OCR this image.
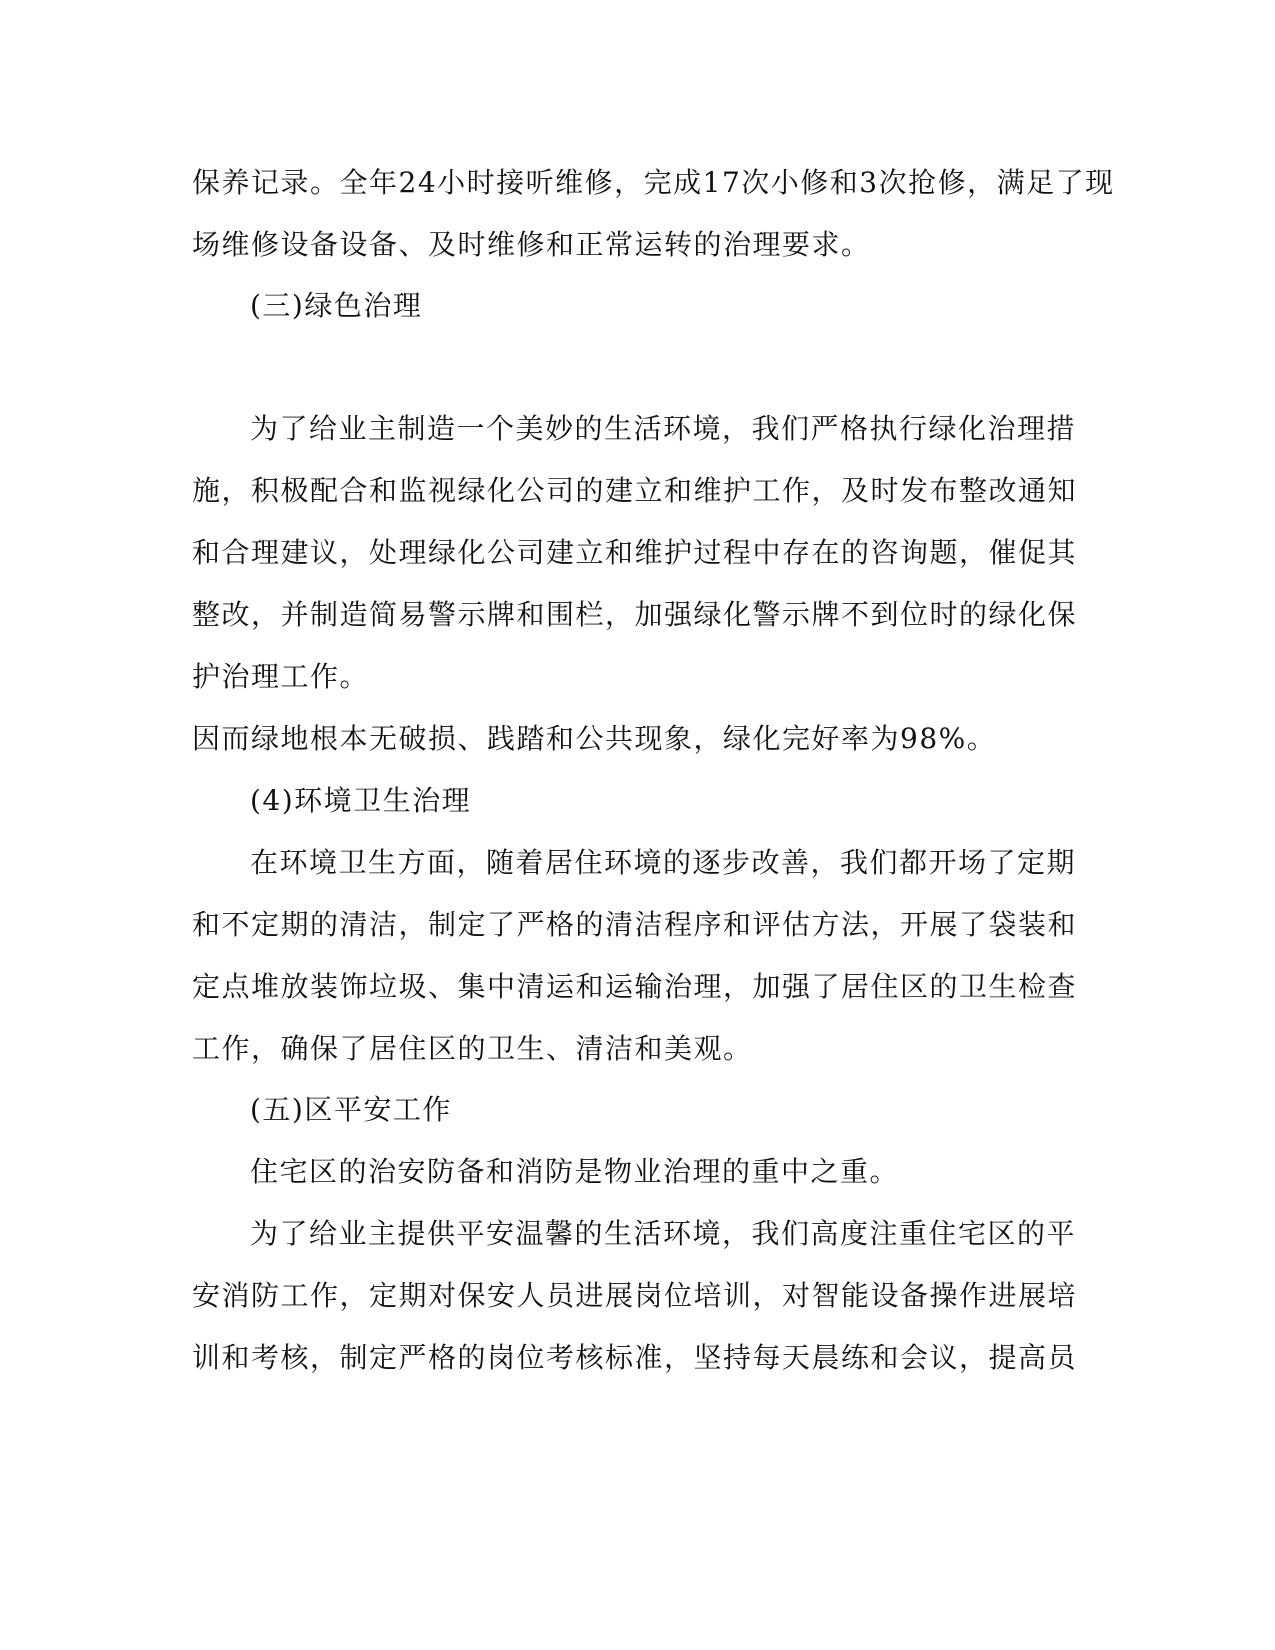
保养记录。全年24小时接听维修，完成17次小修和3次抢修，满足了现
场维修设备设备、及时维修和正常运转的治理要求。
(三)绿色治理
为了给业主制造一个美妙的生活环境，我们严格执行绿化治理措
施，积极配合和监视绿化公司的建立和维护工作，及时发布整改通知
和合理建议，处理绿化公司建立和维护过程中存在的咨询题，催促其
整改，并制造简易警示牌和围栏，加强绿化警示牌不到位时的绿化保
护治理工作。
因而绿地根本无破损、践踏和公共现象，绿化完好率为98%。
(4)环境卫生治理
在环境卫生方面，随着居住环境的逐步改善，我们都开场了定期
和不定期的清洁，制定了严格的清洁程序和评估方法，开展了袋装和
定点堆放装饰垃圾、集中清运和运输治理，加强了居住区的卫生检查
工作，确保了居住区的卫生、清洁和美观。
(五)区平安工作
住宅区的治安防备和消防是物业治理的重中之重。
为了给业主提供平安温馨的生活环境，我们高度注重住宅区的平
安消防工作，定期对保安人员进展岗位培训，对智能设备操作进展培
训和考核，制定严格的岗位考核标准，坚持每天晨练和会议，提高员
